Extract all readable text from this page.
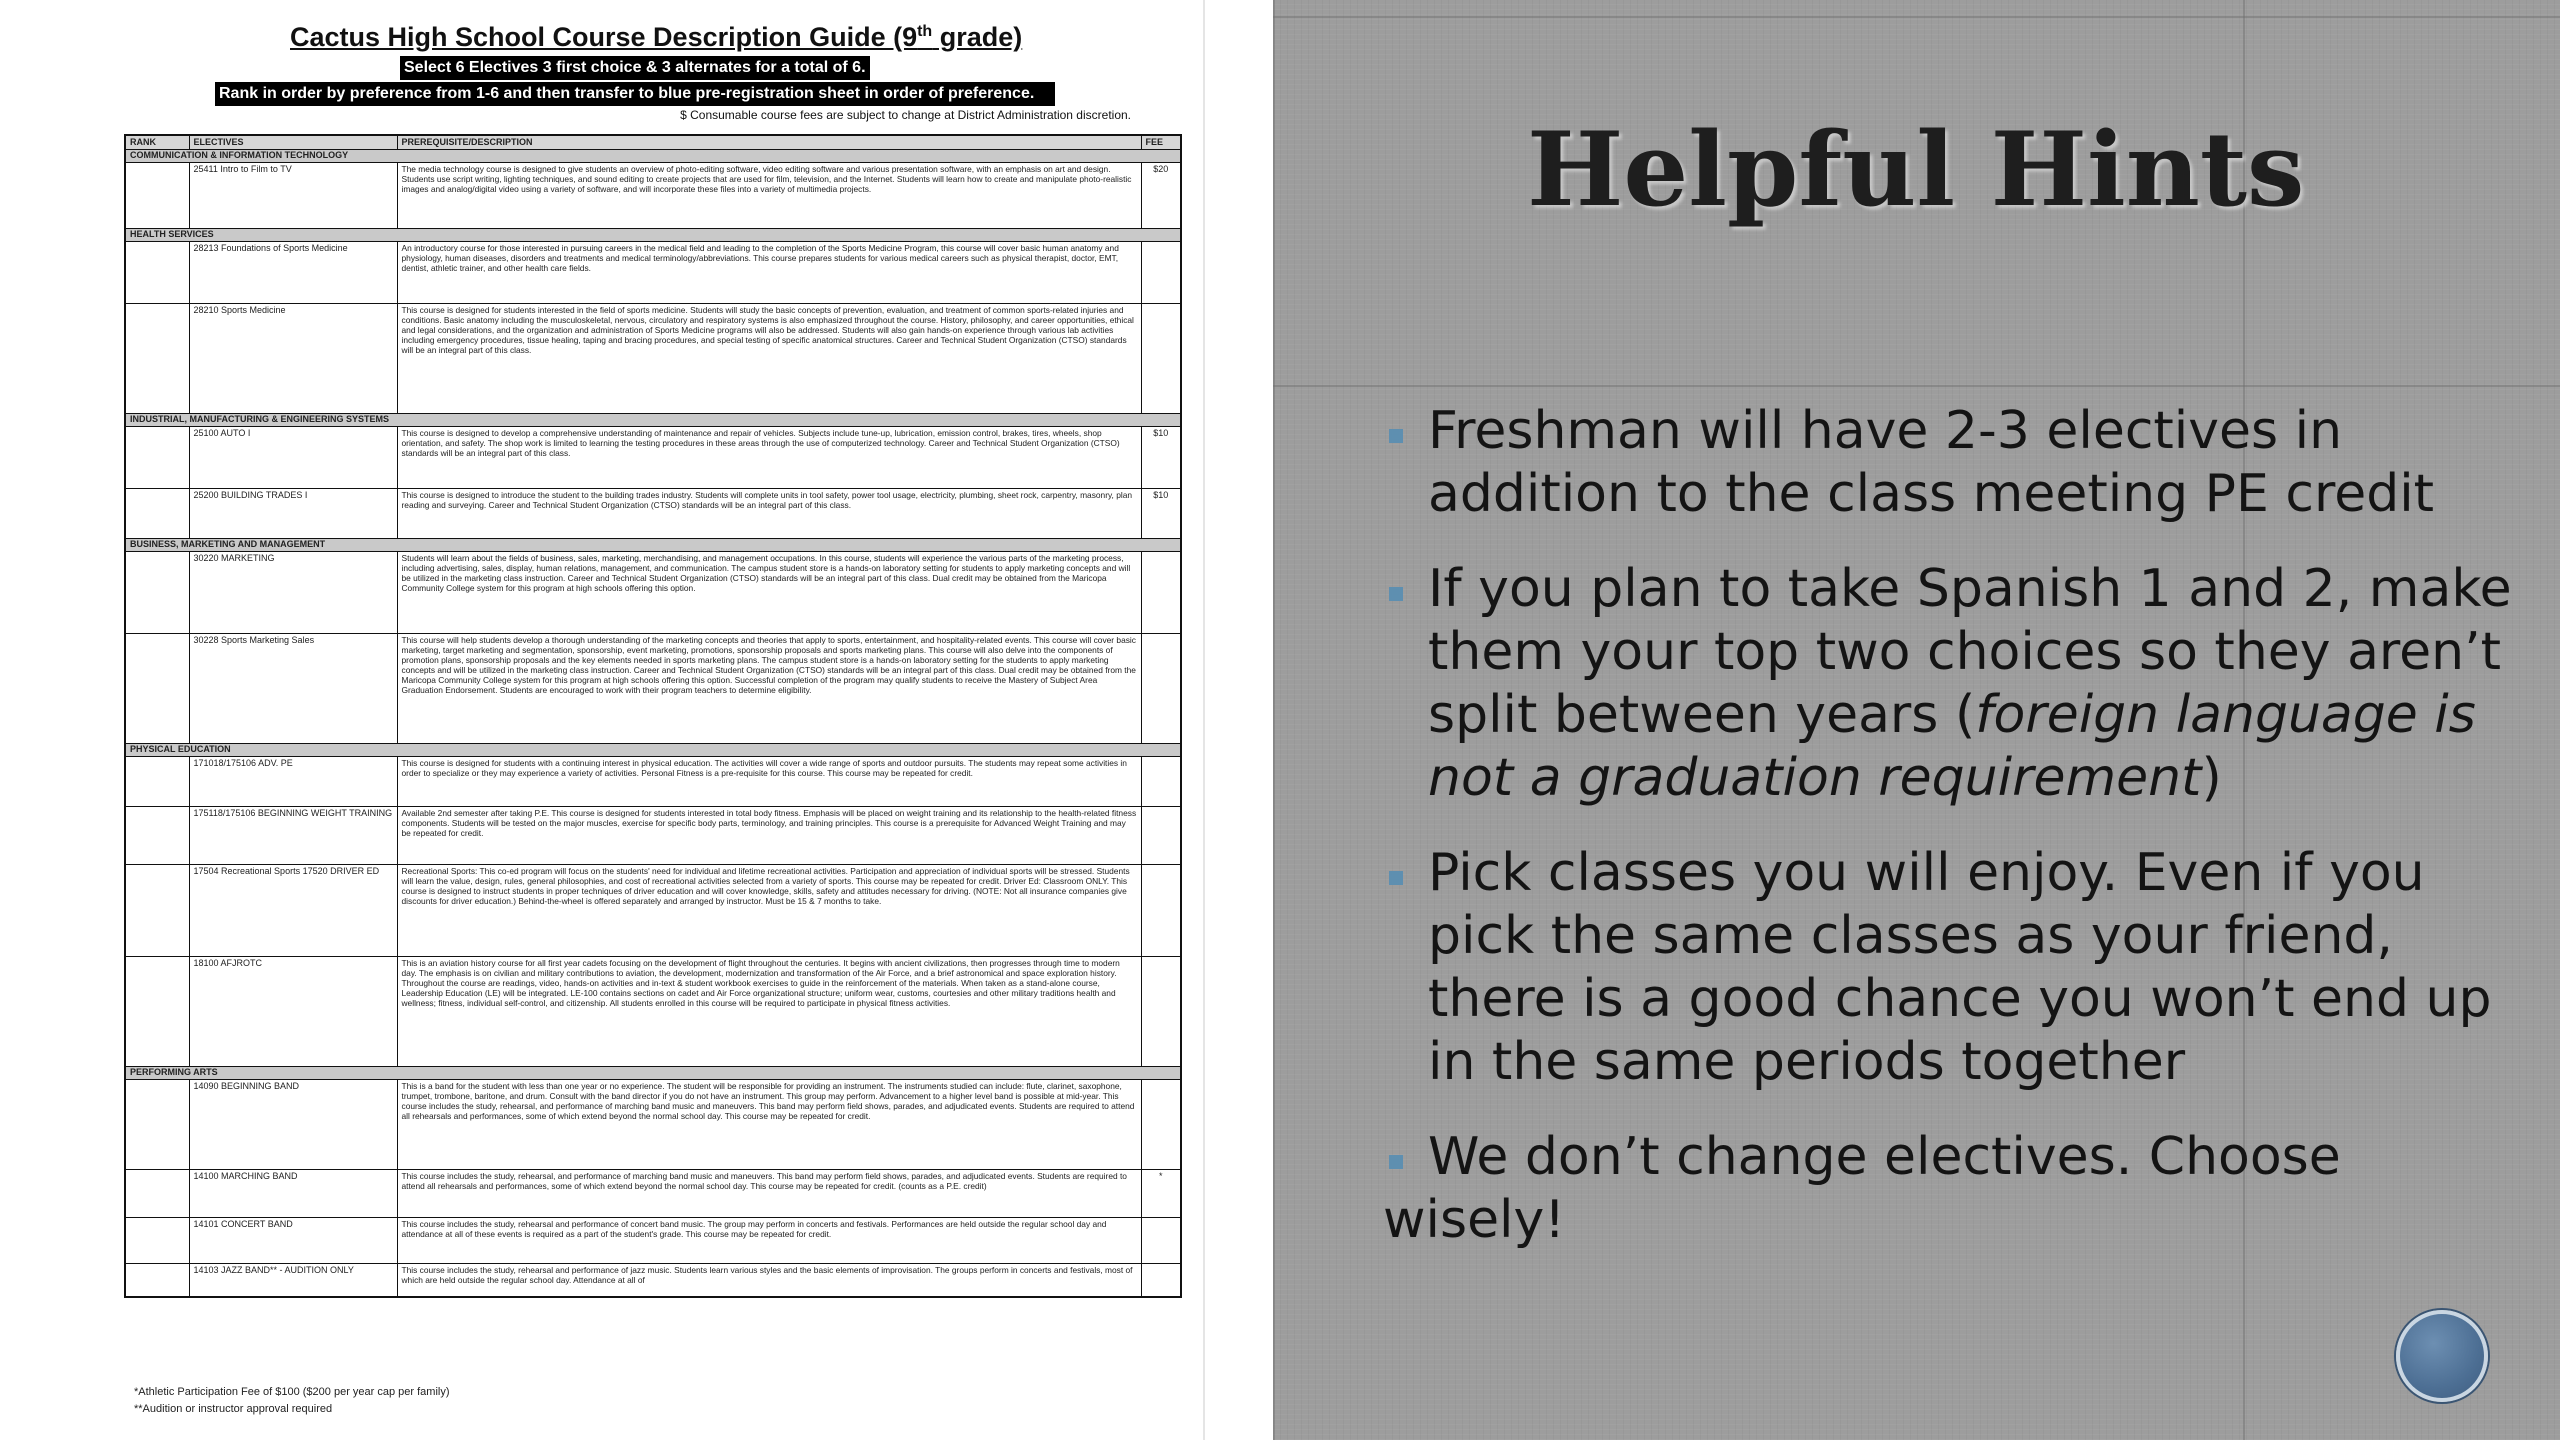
Cactus High School Course Description Guide (9th grade)
Select 6 Electives 3 first choice & 3 alternates for a total of 6.
Rank in order by preference from 1-6 and then transfer to blue pre-registration sheet in order of preference.
$ Consumable course fees are subject to change at District Administration discretion.
RANK	ELECTIVES	PREREQUISITE/DESCRIPTION	FEE
COMMUNICATION & INFORMATION TECHNOLOGY			
	25411 Intro to Film to TV	The media technology course is designed to give students an overview of photo-editing software, video editing software and various presentation software, with an emphasis on art and design. Students use script writing, lighting techniques, and sound editing to create projects that are used for film, television, and the Internet. Students will learn how to create and manipulate photo-realistic images and analog/digital video using a variety of software, and will incorporate these files into a variety of multimedia projects.	$20
HEALTH SERVICES			
	28213 Foundations of Sports Medicine	An introductory course for those interested in pursuing careers in the medical field and leading to the completion of the Sports Medicine Program, this course will cover basic human anatomy and physiology, human diseases, disorders and treatments and medical terminology/abbreviations. This course prepares students for various medical careers such as physical therapist, doctor, EMT, dentist, athletic trainer, and other health care fields.	
	28210 Sports Medicine	This course is designed for students interested in the field of sports medicine. Students will study the basic concepts of prevention, evaluation, and treatment of common sports-related injuries and conditions. Basic anatomy including the musculoskeletal, nervous, circulatory and respiratory systems is also emphasized throughout the course. History, philosophy, and career opportunities, ethical and legal considerations, and the organization and administration of Sports Medicine programs will also be addressed. Students will also gain hands-on experience through various lab activities including emergency procedures, tissue healing, taping and bracing procedures, and special testing of specific anatomical structures. Career and Technical Student Organization (CTSO) standards will be an integral part of this class.	
INDUSTRIAL, MANUFACTURING & ENGINEERING SYSTEMS			
	25100 AUTO I	This course is designed to develop a comprehensive understanding of maintenance and repair of vehicles. Subjects include tune-up, lubrication, emission control, brakes, tires, wheels, shop orientation, and safety. The shop work is limited to learning the testing procedures in these areas through the use of computerized technology. Career and Technical Student Organization (CTSO) standards will be an integral part of this class.	$10
	25200 BUILDING TRADES I	This course is designed to introduce the student to the building trades industry. Students will complete units in tool safety, power tool usage, electricity, plumbing, sheet rock, carpentry, masonry, plan reading and surveying. Career and Technical Student Organization (CTSO) standards will be an integral part of this class.	$10
BUSINESS, MARKETING AND MANAGEMENT			
	30220 MARKETING	Students will learn about the fields of business, sales, marketing, merchandising, and management occupations. In this course, students will experience the various parts of the marketing process, including advertising, sales, display, human relations, management, and communication. The campus student store is a hands-on laboratory setting for students to apply marketing concepts and will be utilized in the marketing class instruction. Career and Technical Student Organization (CTSO) standards will be an integral part of this class. Dual credit may be obtained from the Maricopa Community College system for this program at high schools offering this option.	
	30228 Sports Marketing Sales	This course will help students develop a thorough understanding of the marketing concepts and theories that apply to sports, entertainment, and hospitality-related events. This course will cover basic marketing, target marketing and segmentation, sponsorship, event marketing, promotions, sponsorship proposals and sports marketing plans. This course will also delve into the components of promotion plans, sponsorship proposals and the key elements needed in sports marketing plans. The campus student store is a hands-on laboratory setting for the students to apply marketing concepts and will be utilized in the marketing class instruction. Career and Technical Student Organization (CTSO) standards will be an integral part of this class. Dual credit may be obtained from the Maricopa Community College system for this program at high schools offering this option. Successful completion of the program may qualify students to receive the Mastery of Subject Area Graduation Endorsement. Students are encouraged to work with their program teachers to determine eligibility.	
PHYSICAL EDUCATION			
	171018/175106 ADV. PE	This course is designed for students with a continuing interest in physical education. The activities will cover a wide range of sports and outdoor pursuits. The students may repeat some activities in order to specialize or they may experience a variety of activities. Personal Fitness is a pre-requisite for this course. This course may be repeated for credit.	
	175118/175106 BEGINNING WEIGHT TRAINING	Available 2nd semester after taking P.E. This course is designed for students interested in total body fitness. Emphasis will be placed on weight training and its relationship to the health-related fitness components. Students will be tested on the major muscles, exercise for specific body parts, terminology, and training principles. This course is a prerequisite for Advanced Weight Training and may be repeated for credit.	
	17504 Recreational Sports 17520 DRIVER ED	Recreational Sports: This co-ed program will focus on the students' need for individual and lifetime recreational activities. Participation and appreciation of individual sports will be stressed. Students will learn the value, design, rules, general philosophies, and cost of recreational activities selected from a variety of sports. This course may be repeated for credit. Driver Ed: Classroom ONLY. This course is designed to instruct students in proper techniques of driver education and will cover knowledge, skills, safety and attitudes necessary for driving. (NOTE: Not all insurance companies give discounts for driver education.) Behind-the-wheel is offered separately and arranged by instructor. Must be 15 & 7 months to take.	
	18100 AFJROTC	This is an aviation history course for all first year cadets focusing on the development of flight throughout the centuries. It begins with ancient civilizations, then progresses through time to modern day. The emphasis is on civilian and military contributions to aviation, the development, modernization and transformation of the Air Force, and a brief astronomical and space exploration history. Throughout the course are readings, video, hands-on activities and in-text & student workbook exercises to guide in the reinforcement of the materials. When taken as a stand-alone course, Leadership Education (LE) will be integrated. LE-100 contains sections on cadet and Air Force organizational structure; uniform wear, customs, courtesies and other military traditions health and wellness; fitness, individual self-control, and citizenship. All students enrolled in this course will be required to participate in physical fitness activities.	
PERFORMING ARTS			
	14090 BEGINNING BAND	This is a band for the student with less than one year or no experience. The student will be responsible for providing an instrument. The instruments studied can include: flute, clarinet, saxophone, trumpet, trombone, baritone, and drum. Consult with the band director if you do not have an instrument. This group may perform. Advancement to a higher level band is possible at mid-year. This course includes the study, rehearsal, and performance of marching band music and maneuvers. This band may perform field shows, parades, and adjudicated events. Students are required to attend all rehearsals and performances, some of which extend beyond the normal school day. This course may be repeated for credit.	
	14100 MARCHING BAND	This course includes the study, rehearsal, and performance of marching band music and maneuvers. This band may perform field shows, parades, and adjudicated events. Students are required to attend all rehearsals and performances, some of which extend beyond the normal school day. This course may be repeated for credit. (counts as a P.E. credit)	*
	14101 CONCERT BAND	This course includes the study, rehearsal and performance of concert band music. The group may perform in concerts and festivals. Performances are held outside the regular school day and attendance at all of these events is required as a part of the student's grade. This course may be repeated for credit.	
	14103 JAZZ BAND** - AUDITION ONLY	This course includes the study, rehearsal and performance of jazz music. Students learn various styles and the basic elements of improvisation. The groups perform in concerts and festivals, most of which are held outside the regular school day. Attendance at all of	
*Athletic Participation Fee of $100 ($200 per year cap per family)
**Audition or instructor approval required
Helpful Hints
Freshman will have 2-3 electives in addition to the class meeting PE credit
If you plan to take Spanish 1 and 2, make them your top two choices so they aren’t split between years (foreign language is not a graduation requirement)
Pick classes you will enjoy. Even if you pick the same classes as your friend, there is a good chance you won’t end up in the same periods together
We don’t change electives. Choose wisely!
